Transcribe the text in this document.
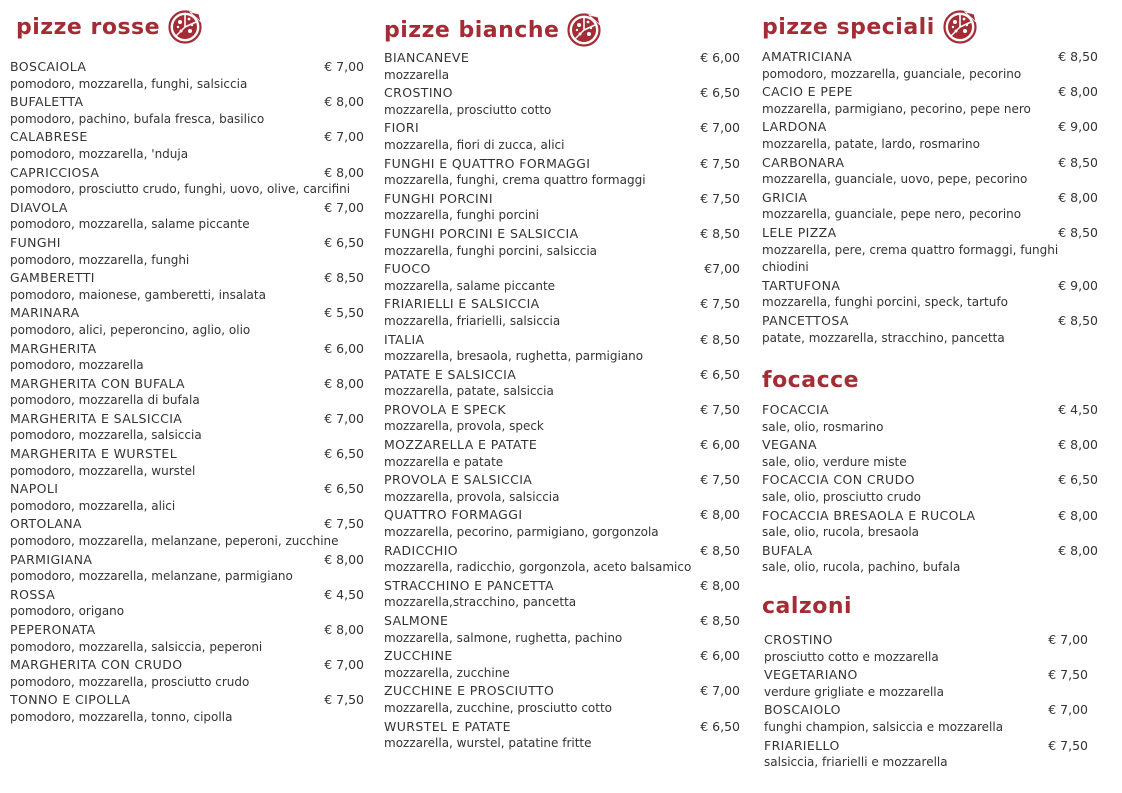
pizze rosse
BOSCAIOLA	€ 7,00
pomodoro, mozzarella, funghi, salsiccia
BUFALETTA	€ 8,00
pomodoro, pachino, bufala fresca, basilico
CALABRESE	€ 7,00
pomodoro, mozzarella, 'nduja
CAPRICCIOSA	€ 8,00
pomodoro, prosciutto crudo, funghi, uovo, olive, carcifini
DIAVOLA	€ 7,00
pomodoro, mozzarella, salame piccante
FUNGHI	€ 6,50
pomodoro, mozzarella, funghi
GAMBERETTI	€ 8,50
pomodoro, maionese, gamberetti, insalata
MARINARA	€ 5,50
pomodoro, alici, peperoncino, aglio, olio
MARGHERITA	€ 6,00
pomodoro, mozzarella
MARGHERITA CON BUFALA	€ 8,00
pomodoro, mozzarella di bufala
MARGHERITA E SALSICCIA	€ 7,00
pomodoro, mozzarella, salsiccia
MARGHERITA E WURSTEL	€ 6,50
pomodoro, mozzarella, wurstel
NAPOLI	€ 6,50
pomodoro, mozzarella, alici
ORTOLANA	€ 7,50
pomodoro, mozzarella, melanzane, peperoni, zucchine
PARMIGIANA	€ 8,00
pomodoro, mozzarella, melanzane, parmigiano
ROSSA	€ 4,50
pomodoro, origano
PEPERONATA	€ 8,00
pomodoro, mozzarella, salsiccia, peperoni
MARGHERITA CON CRUDO	€ 7,00
pomodoro, mozzarella, prosciutto crudo
TONNO E CIPOLLA	€ 7,50
pomodoro, mozzarella, tonno, cipolla
pizze bianche
BIANCANEVE	€ 6,00
mozzarella
CROSTINO	€ 6,50
mozzarella, prosciutto cotto
FIORI	€ 7,00
mozzarella, fiori di zucca, alici
FUNGHI E QUATTRO FORMAGGI	€ 7,50
mozzarella, funghi, crema quattro formaggi
FUNGHI PORCINI	€ 7,50
mozzarella, funghi porcini
FUNGHI PORCINI E SALSICCIA	€ 8,50
mozzarella, funghi porcini, salsiccia
FUOCO	€7,00
mozzarella, salame piccante
FRIARIELLI E SALSICCIA	€ 7,50
mozzarella, friarielli, salsiccia
ITALIA	€ 8,50
mozzarella, bresaola, rughetta, parmigiano
PATATE E SALSICCIA	€ 6,50
mozzarella, patate, salsiccia
PROVOLA E SPECK	€ 7,50
mozzarella, provola, speck
MOZZARELLA E PATATE	€ 6,00
mozzarella e patate
PROVOLA E SALSICCIA	€ 7,50
mozzarella, provola, salsiccia
QUATTRO FORMAGGI	€ 8,00
mozzarella, pecorino, parmigiano, gorgonzola
RADICCHIO	€ 8,50
mozzarella, radicchio, gorgonzola, aceto balsamico
STRACCHINO E PANCETTA	€ 8,00
mozzarella,stracchino, pancetta
SALMONE	€ 8,50
mozzarella, salmone, rughetta, pachino
ZUCCHINE	€ 6,00
mozzarella, zucchine
ZUCCHINE E PROSCIUTTO	€ 7,00
mozzarella, zucchine, prosciutto cotto
WURSTEL E PATATE	€ 6,50
mozzarella, wurstel, patatine fritte
pizze speciali
AMATRICIANA	€ 8,50
pomodoro, mozzarella, guanciale, pecorino
CACIO E PEPE	€ 8,00
mozzarella, parmigiano, pecorino, pepe nero
LARDONA	€ 9,00
mozzarella, patate, lardo, rosmarino
CARBONARA	€ 8,50
mozzarella, guanciale, uovo, pepe, pecorino
GRICIA	€ 8,00
mozzarella, guanciale, pepe nero, pecorino
LELE PIZZA	€ 8,50
mozzarella, pere, crema quattro formaggi, funghi chiodini
TARTUFONA	€ 9,00
mozzarella, funghi porcini, speck, tartufo
PANCETTOSA	€ 8,50
patate, mozzarella, stracchino, pancetta
focacce
FOCACCIA	€ 4,50
sale, olio, rosmarino
VEGANA	€ 8,00
sale, olio, verdure miste
FOCACCIA CON CRUDO	€ 6,50
sale, olio, prosciutto crudo
FOCACCIA BRESAOLA E RUCOLA	€ 8,00
sale, olio, rucola, bresaola
BUFALA	€ 8,00
sale, olio, rucola, pachino, bufala
calzoni
CROSTINO	€ 7,00
prosciutto cotto e mozzarella
VEGETARIANO	€ 7,50
verdure grigliate e mozzarella
BOSCAIOLO	€ 7,00
funghi champion, salsiccia e mozzarella
FRIARIELLO	€ 7,50
salsiccia, friarielli e mozzarella
